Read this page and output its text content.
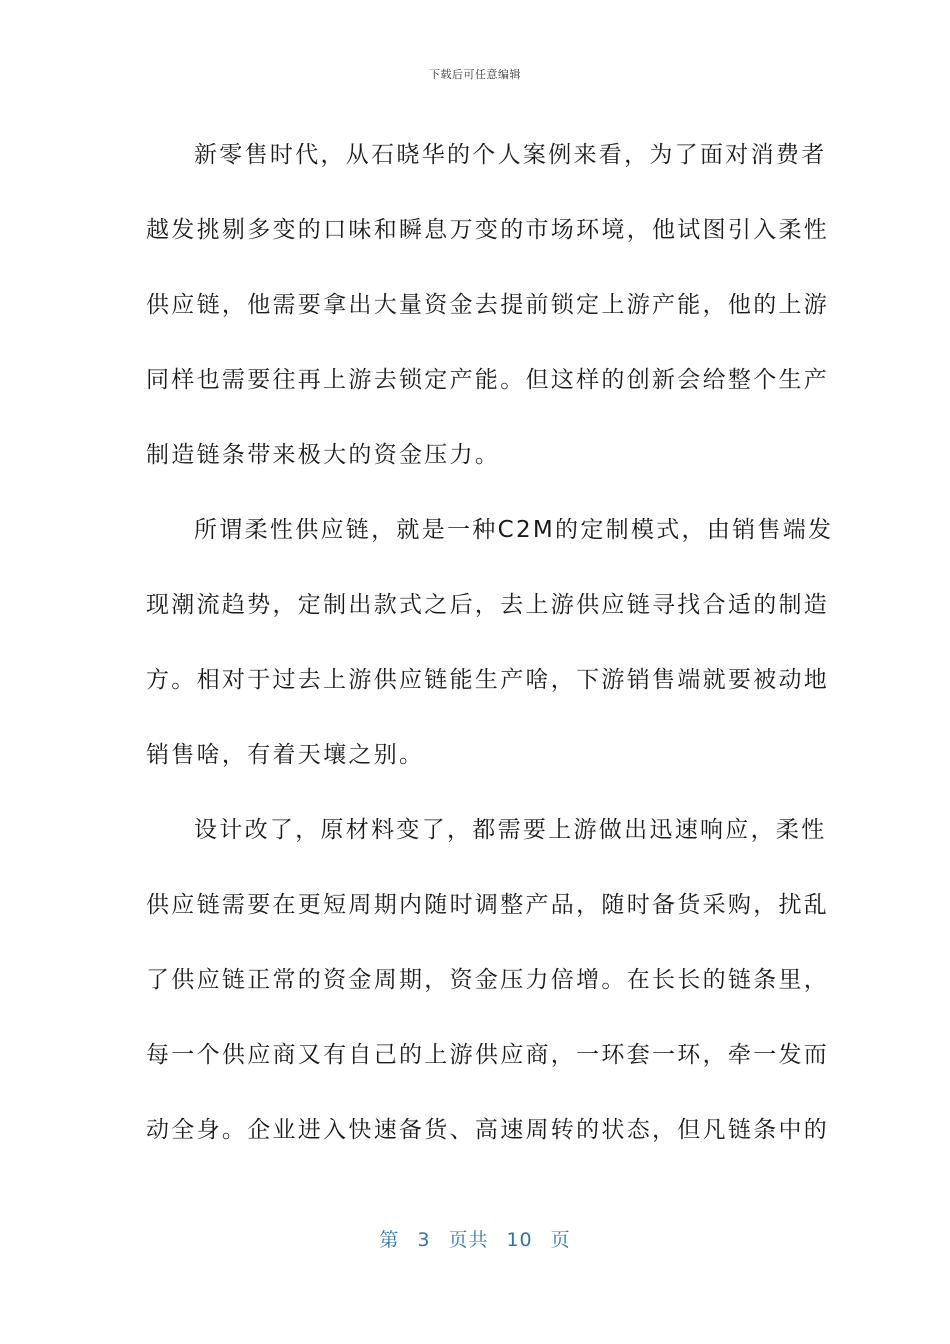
下载后可任意编辑
新零售时代，从石晓华的个人案例来看，为了面对消费者
越发挑剔多变的口味和瞬息万变的市场环境，他试图引入柔性
供应链，他需要拿出大量资金去提前锁定上游产能，他的上游
同样也需要往再上游去锁定产能。但这样的创新会给整个生产
制造链条带来极大的资金压力。
所谓柔性供应链，就是一种C2M的定制模式，由销售端发
现潮流趋势，定制出款式之后，去上游供应链寻找合适的制造
方。相对于过去上游供应链能生产啥，下游销售端就要被动地
销售啥，有着天壤之别。
设计改了，原材料变了，都需要上游做出迅速响应，柔性
供应链需要在更短周期内随时调整产品，随时备货采购，扰乱
了供应链正常的资金周期，资金压力倍增。在长长的链条里，
每一个供应商又有自己的上游供应商，一环套一环，牵一发而
动全身。企业进入快速备货、高速周转的状态，但凡链条中的
第 3 页共 10 页
